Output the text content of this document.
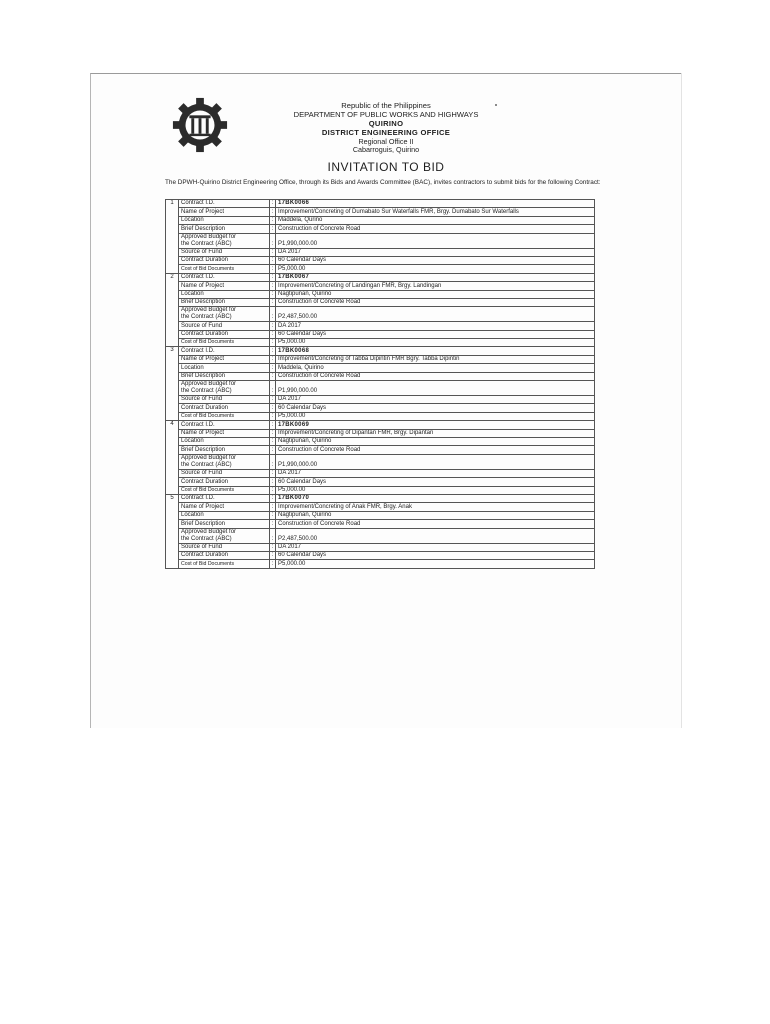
Republic of the Philippines
DEPARTMENT OF PUBLIC WORKS AND HIGHWAYS
QUIRINO
DISTRICT ENGINEERING OFFICE
Regional Office II
Cabarroguis, Quirino
INVITATION TO BID
The DPWH-Quirino District Engineering Office, through its Bids and Awards Committee (BAC), invites contractors to submit bids for the following Contract:
1	Contract I.D.	:	17BK0066
	Name of Project	:	Improvement/Concreting of Dumabato Sur Waterfalls FMR, Brgy. Dumabato Sur Waterfalls
	Location	:	Maddela, Qurino
	Brief Description	:	Construction of Concrete Road

	Approved Budget for
the Contract (ABC)	:	P1,990,000.00
	Source of Fund	:	DA 2017
	Contract Duration	:	60 Calendar Days
	Cost of Bid Documents	:	P5,000.00
2	Contract I.D.	:	17BK0067
	Name of Project	:	Improvement/Concreting of Landingan FMR, Brgy. Landingan
	Location	:	Nagtipunan, Quirino
	Brief Description	:	Construction of Concrete Road

	Approved Budget for
the Contract (ABC)	:	P2,487,500.00
	Source of Fund	:	DA 2017
	Contract Duration	:	60 Calendar Days
	Cost of Bid Documents	:	P5,000.00
3	Contract I.D.	:	17BK0068
	Name of Project	:	Improvement/Concreting of Tabba Dipintin FMR Bgry. Tabba Dipintin
	Location	:	Maddela, Quirino
	Brief Description	:	Construction of Concrete Road

	Approved Budget for
the Contract (ABC)	:	P1,990,000.00
	Source of Fund	:	DA 2017
	Contract Duration	:	60 Calendar Days
	Cost of Bid Documents	:	P5,000.00
4	Contract I.D.	:	17BK0069
	Name of Project	:	Improvement/Concreting of Dipantan FMR, Brgy. Dipantan
	Location	:	Nagtipunan, Quirino
	Brief Description	:	Construction of Concrete Road

	Approved Budget for
the Contract (ABC)	:	P1,990,000.00
	Source of Fund	:	DA 2017
	Contract Duration	:	60 Calendar Days
	Cost of Bid Documents	:	P5,000.00
5	Contract I.D.	:	17BK0070
	Name of Project	:	Improvement/Concreting of Anak FMR, Brgy. Anak
	Location	:	Nagtipunan, Quirino
	Brief Description	:	Construction of Concrete Road

	Approved Budget for
the Contract (ABC)	:	P2,487,500.00
	Source of Fund	:	DA 2017
	Contract Duration	:	60 Calendar Days
	Cost of Bid Documents	:	P5,000.00
